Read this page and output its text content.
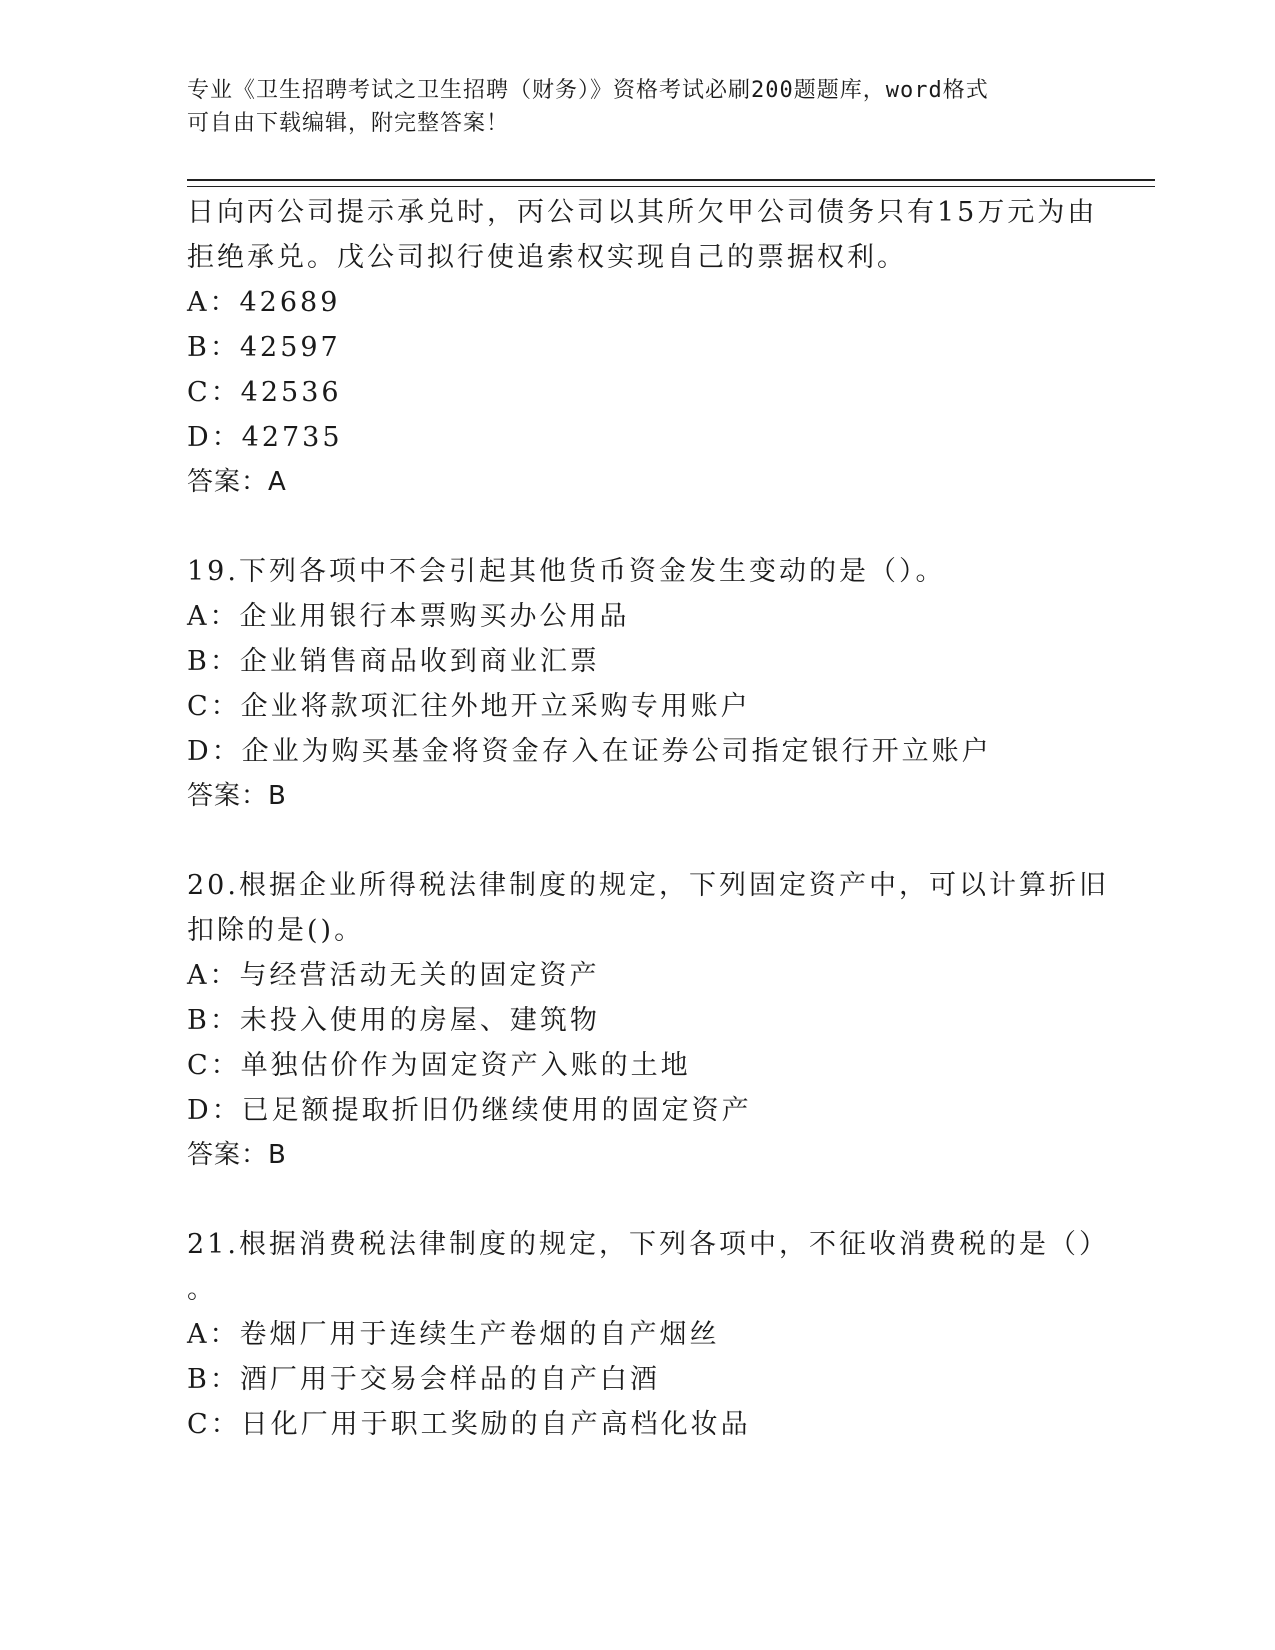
专业《卫生招聘考试之卫生招聘（财务）》资格考试必刷200题题库，word格式
可自由下载编辑，附完整答案！
日向丙公司提示承兑时，丙公司以其所欠甲公司债务只有15万元为由
拒绝承兑。戊公司拟行使追索权实现自己的票据权利。
A：42689
B：42597
C：42536
D：42735
答案：A
19.下列各项中不会引起其他货币资金发生变动的是（）。
A：企业用银行本票购买办公用品
B：企业销售商品收到商业汇票
C：企业将款项汇往外地开立采购专用账户
D：企业为购买基金将资金存入在证券公司指定银行开立账户
答案：B
20.根据企业所得税法律制度的规定，下列固定资产中，可以计算折旧
扣除的是()。
A：与经营活动无关的固定资产
B：未投入使用的房屋、建筑物
C：单独估价作为固定资产入账的土地
D：已足额提取折旧仍继续使用的固定资产
答案：B
21.根据消费税法律制度的规定，下列各项中，不征收消费税的是（）
。
A：卷烟厂用于连续生产卷烟的自产烟丝
B：酒厂用于交易会样品的自产白酒
C：日化厂用于职工奖励的自产高档化妆品
